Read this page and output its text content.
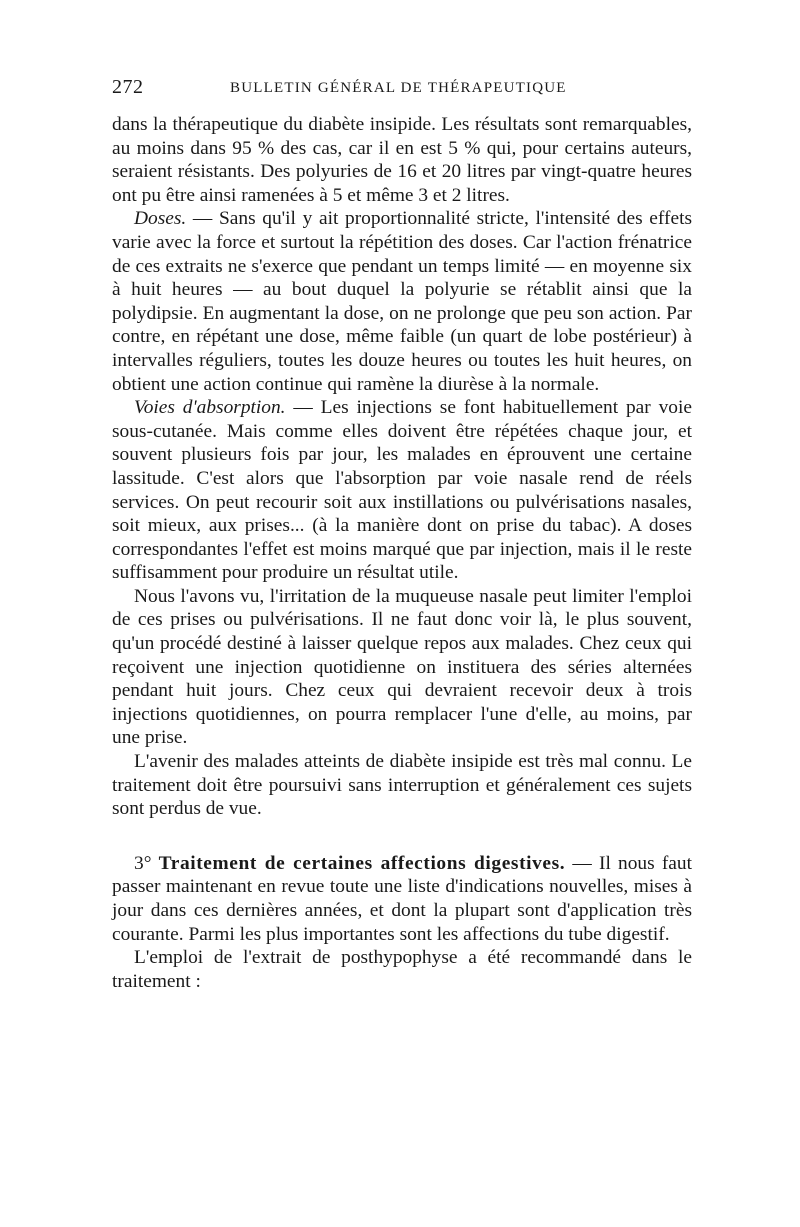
272	BULLETIN GÉNÉRAL DE THÉRAPEUTIQUE

dans la thérapeutique du diabète insipide. Les résultats sont remarquables, au moins dans 95 % des cas, car il en est 5 % qui, pour certains auteurs, seraient résistants. Des polyuries de 16 et 20 litres par vingt-quatre heures ont pu être ainsi ramenées à 5 et même 3 et 2 litres.

Doses. — Sans qu'il y ait proportionnalité stricte, l'intensité des effets varie avec la force et surtout la répétition des doses. Car l'action frénatrice de ces extraits ne s'exerce que pendant un temps limité — en moyenne six à huit heures — au bout duquel la polyurie se rétablit ainsi que la polydipsie. En augmentant la dose, on ne prolonge que peu son action. Par contre, en répétant une dose, même faible (un quart de lobe postérieur) à intervalles réguliers, toutes les douze heures ou toutes les huit heures, on obtient une action continue qui ramène la diurèse à la normale.

Voies d'absorption. — Les injections se font habituellement par voie sous-cutanée. Mais comme elles doivent être répétées chaque jour, et souvent plusieurs fois par jour, les malades en éprouvent une certaine lassitude. C'est alors que l'absorption par voie nasale rend de réels services. On peut recourir soit aux instillations ou pulvérisations nasales, soit mieux, aux prises... (à la manière dont on prise du tabac). A doses correspondantes l'effet est moins marqué que par injection, mais il le reste suffisamment pour produire un résultat utile.

Nous l'avons vu, l'irritation de la muqueuse nasale peut limiter l'emploi de ces prises ou pulvérisations. Il ne faut donc voir là, le plus souvent, qu'un procédé destiné à laisser quelque repos aux malades. Chez ceux qui reçoivent une injection quotidienne on instituera des séries alternées pendant huit jours. Chez ceux qui devraient recevoir deux à trois injections quotidiennes, on pourra remplacer l'une d'elle, au moins, par une prise.

L'avenir des malades atteints de diabète insipide est très mal connu. Le traitement doit être poursuivi sans interruption et généralement ces sujets sont perdus de vue.

3° Traitement de certaines affections digestives. — Il nous faut passer maintenant en revue toute une liste d'indications nouvelles, mises à jour dans ces dernières années, et dont la plupart sont d'application très courante. Parmi les plus importantes sont les affections du tube digestif.

L'emploi de l'extrait de posthypophyse a été recommandé dans le traitement :
